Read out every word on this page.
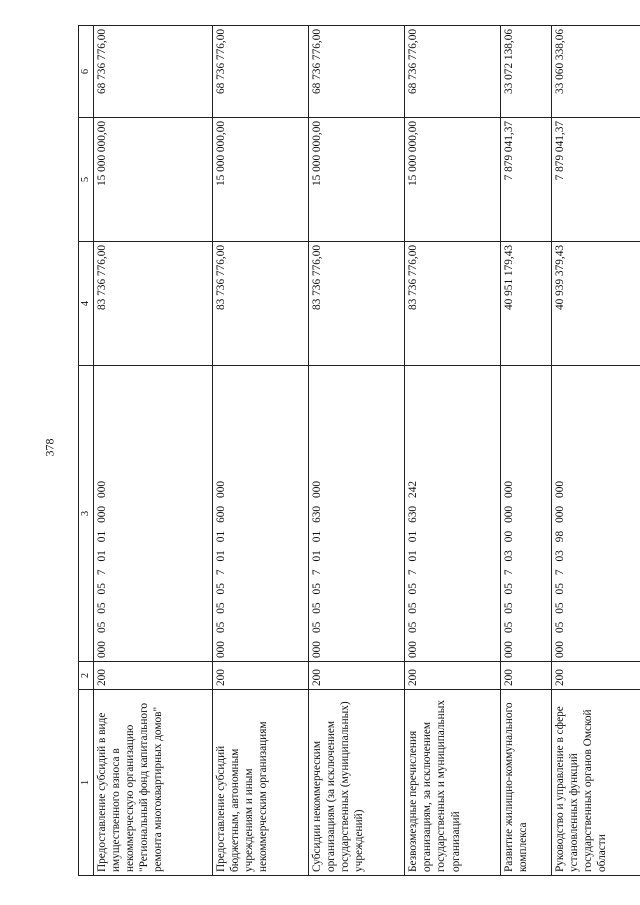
378
1	2	3	4	5	6
Предоставление субсидий в виде имущественного взноса в некоммерческую организацию "Региональный фонд капитального ремонта многоквартирных домов"	200	00005050570101000000	83 736 776,00	15 000 000,00	68 736 776,00
Предоставление субсидий бюджетным, автономным учреждениям и иным некоммерческим организациям	200	00005050570101600000	83 736 776,00	15 000 000,00	68 736 776,00
Субсидии некоммерческим организациям (за исключением государственных (муниципальных) учреждений)	200	00005050570101630000	83 736 776,00	15 000 000,00	68 736 776,00
Безвозмездные перечисления организациям, за исключением государственных и муниципальных организаций	200	00005050570101630242	83 736 776,00	15 000 000,00	68 736 776,00
Развитие жилищно-коммунального комплекса	200	00005050570300000000	40 951 179,43	7 879 041,37	33 072 138,06
Руководство и управление в сфере установленных функций государственных органов Омской области	200	00005050570398000000	40 939 379,43	7 879 041,37	33 060 338,06
